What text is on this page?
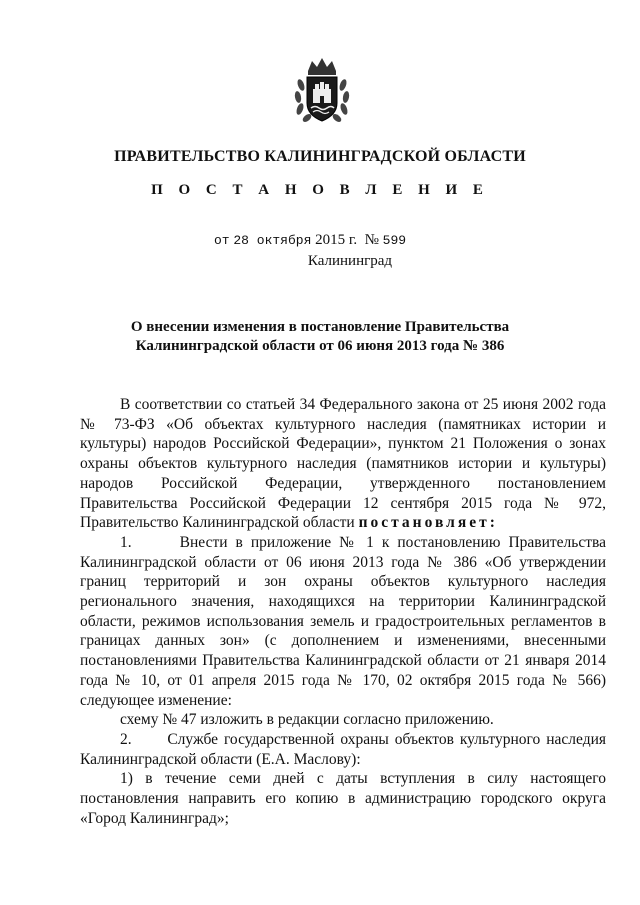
ПРАВИТЕЛЬСТВО КАЛИНИНГРАДСКОЙ ОБЛАСТИ
П О С Т А Н О В Л Е Н И Е
от 28 октября 2015 г. № 599
Калининград
О внесении изменения в постановление Правительства
Калининградской области от 06 июня 2013 года № 386

В соответствии со статьей 34 Федерального закона от 25 июня 2002 года № 73-ФЗ «Об объектах культурного наследия (памятниках истории и культуры) народов Российской Федерации», пунктом 21 Положения о зонах охраны объектов культурного наследия (памятников истории и культуры) народов Российской Федерации, утвержденного постановлением Правительства Российской Федерации 12 сентября 2015 года № 972, Правительство Калининградской области постановляет:

1.	Внести в приложение № 1 к постановлению Правительства Калининградской области от 06 июня 2013 года № 386 «Об утверждении границ территорий и зон охраны объектов культурного наследия регионального значения, находящихся на территории Калининградской области, режимов использования земель и градостроительных регламентов в границах данных зон» (с дополнением и изменениями, внесенными постановлениями Правительства Калининградской области от 21 января 2014 года № 10, от 01 апреля 2015 года № 170, 02 октября 2015 года № 566) следующее изменение:

схему № 47 изложить в редакции согласно приложению.

2. Службе государственной охраны объектов культурного наследия Калининградской области (Е.А. Маслову):

1) в течение семи дней с даты вступления в силу настоящего постановления направить его копию в администрацию городского округа «Город Калининград»;
